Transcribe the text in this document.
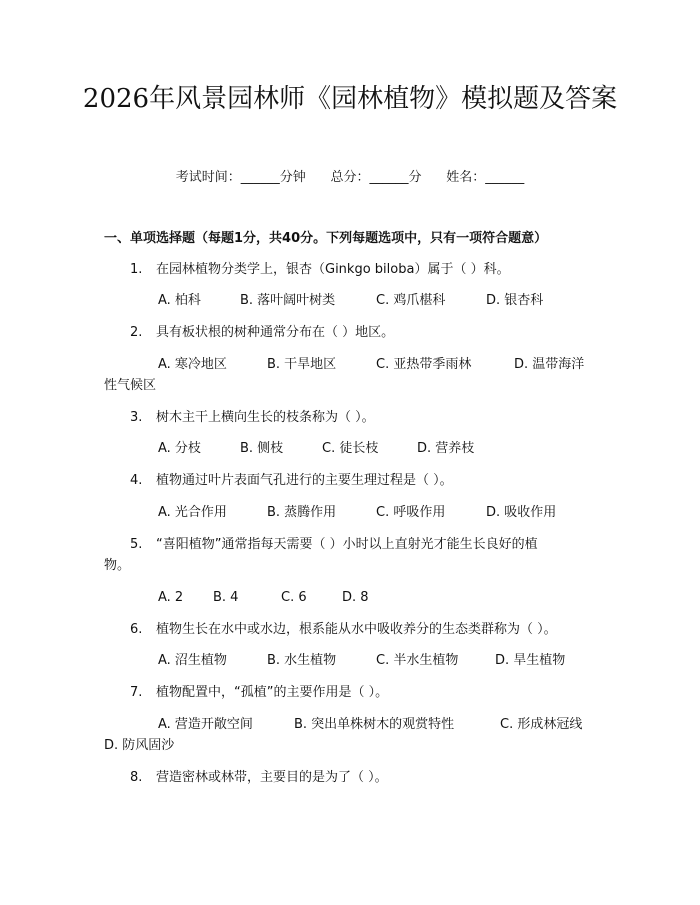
2026年风景园林师《园林植物》模拟题及答案
考试时间：______分钟      总分：______分      姓名：______
一、单项选择题（每题1分，共40分。下列每题选项中，只有一项符合题意）
1. 在园林植物分类学上，银杏（Ginkgo biloba）属于（ ）科。
A. 柏科	B. 落叶阔叶树类	C. 鸡爪椹科	D. 银杏科
2. 具有板状根的树种通常分布在（ ）地区。
A. 寒冷地区	B. 干旱地区	C. 亚热带季雨林	D. 温带海洋
性气候区
3. 树木主干上横向生长的枝条称为（ ）。
A. 分枝	B. 侧枝	C. 徒长枝	D. 营养枝
4. 植物通过叶片表面气孔进行的主要生理过程是（ ）。
A. 光合作用	B. 蒸腾作用	C. 呼吸作用	D. 吸收作用
5. “喜阳植物”通常指每天需要（ ）小时以上直射光才能生长良好的植
物。
A. 2 B. 4	C. 6	D. 8
6. 植物生长在水中或水边，根系能从水中吸收养分的生态类群称为（ ）。
A. 沼生植物	B. 水生植物	C. 半水生植物	D. 旱生植物
7. 植物配置中，“孤植”的主要作用是（ ）。
A. 营造开敞空间	B. 突出单株树木的观赏特性	C. 形成林冠线
D. 防风固沙
8. 营造密林或林带，主要目的是为了（ ）。
